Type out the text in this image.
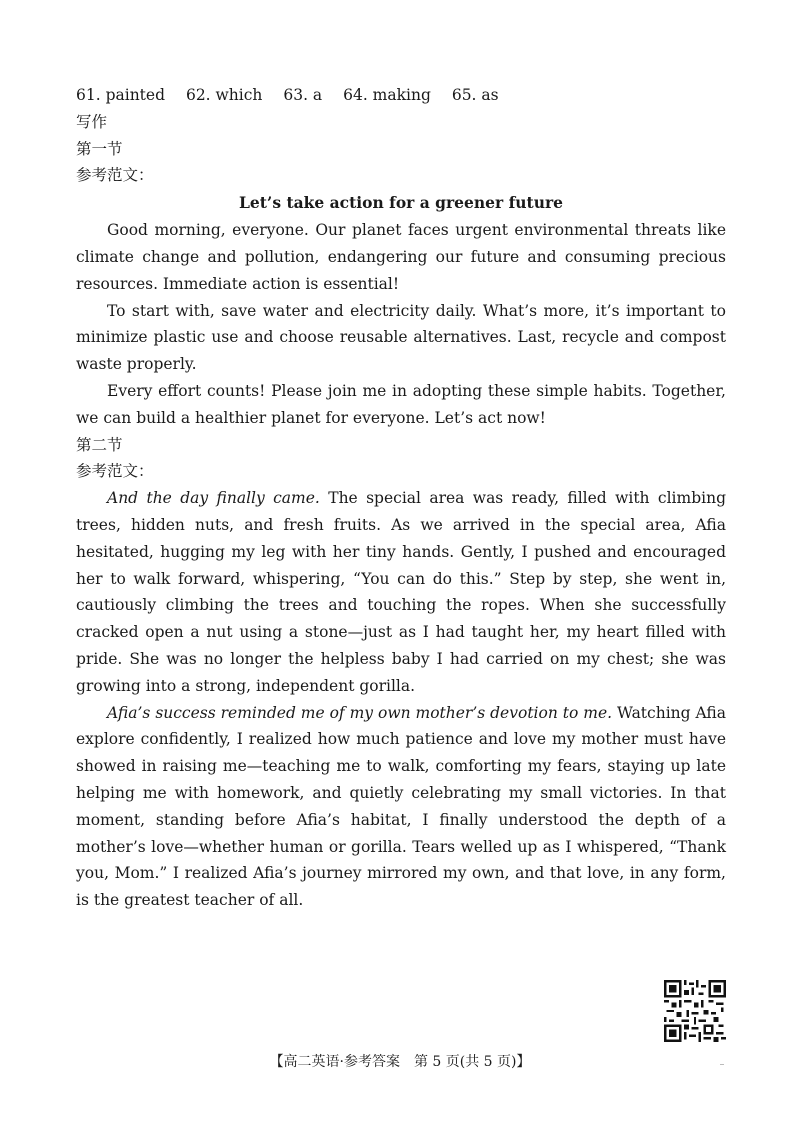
61. painted 62. which 63. a 64. making 65. as

写作

第一节

参考范文：

Let’s take action for a greener future

Good morning, everyone. Our planet faces urgent environmental threats like climate change and pollution, endangering our future and consuming precious resources. Immediate action is essential!

To start with, save water and electricity daily. What’s more, it’s important to minimize plastic use and choose reusable alternatives. Last, recycle and compost waste properly.

Every effort counts! Please join me in adopting these simple habits. Together, we can build a healthier planet for everyone. Let’s act now!

第二节

参考范文：

And the day finally came. The special area was ready, filled with climbing trees, hidden nuts, and fresh fruits. As we arrived in the special area, Afia hesitated, hugging my leg with her tiny hands. Gently, I pushed and encouraged her to walk forward, whispering, “You can do this.” Step by step, she went in, cautiously climbing the trees and touching the ropes. When she successfully cracked open a nut using a stone—just as I had taught her, my heart filled with pride. She was no longer the helpless baby I had carried on my chest; she was growing into a strong, independent gorilla.

Afia’s success reminded me of my own mother’s devotion to me. Watching Afia explore confidently, I realized how much patience and love my mother must have showed in raising me—teaching me to walk, comforting my fears, staying up late helping me with homework, and quietly celebrating my small victories. In that moment, standing before Afia’s habitat, I finally understood the depth of a mother’s love—whether human or gorilla. Tears welled up as I whispered, “Thank you, Mom.” I realized Afia’s journey mirrored my own, and that love, in any form, is the greatest teacher of all.

【高二英语·参考答案　第 5 页(共 5 页)】
